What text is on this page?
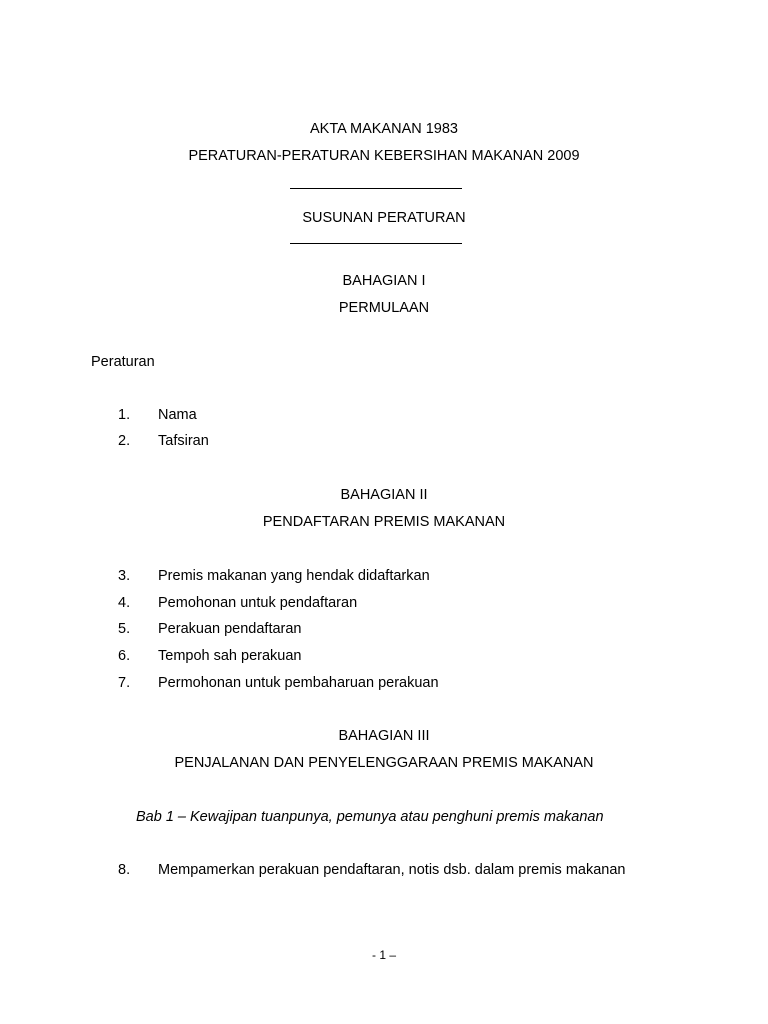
AKTA MAKANAN 1983
PERATURAN-PERATURAN KEBERSIHAN MAKANAN 2009
SUSUNAN PERATURAN
BAHAGIAN I
PERMULAAN
Peraturan
1.	Nama
2.	Tafsiran
BAHAGIAN II
PENDAFTARAN PREMIS MAKANAN
3.	Premis makanan yang hendak didaftarkan
4.	Pemohonan untuk pendaftaran
5.	Perakuan pendaftaran
6.	Tempoh sah perakuan
7.	Permohonan untuk pembaharuan perakuan
BAHAGIAN III
PENJALANAN DAN PENYELENGGARAAN PREMIS MAKANAN
Bab 1 – Kewajipan tuanpunya, pemunya atau penghuni premis makanan
8.	Mempamerkan perakuan pendaftaran, notis dsb. dalam premis makanan
- 1 –
